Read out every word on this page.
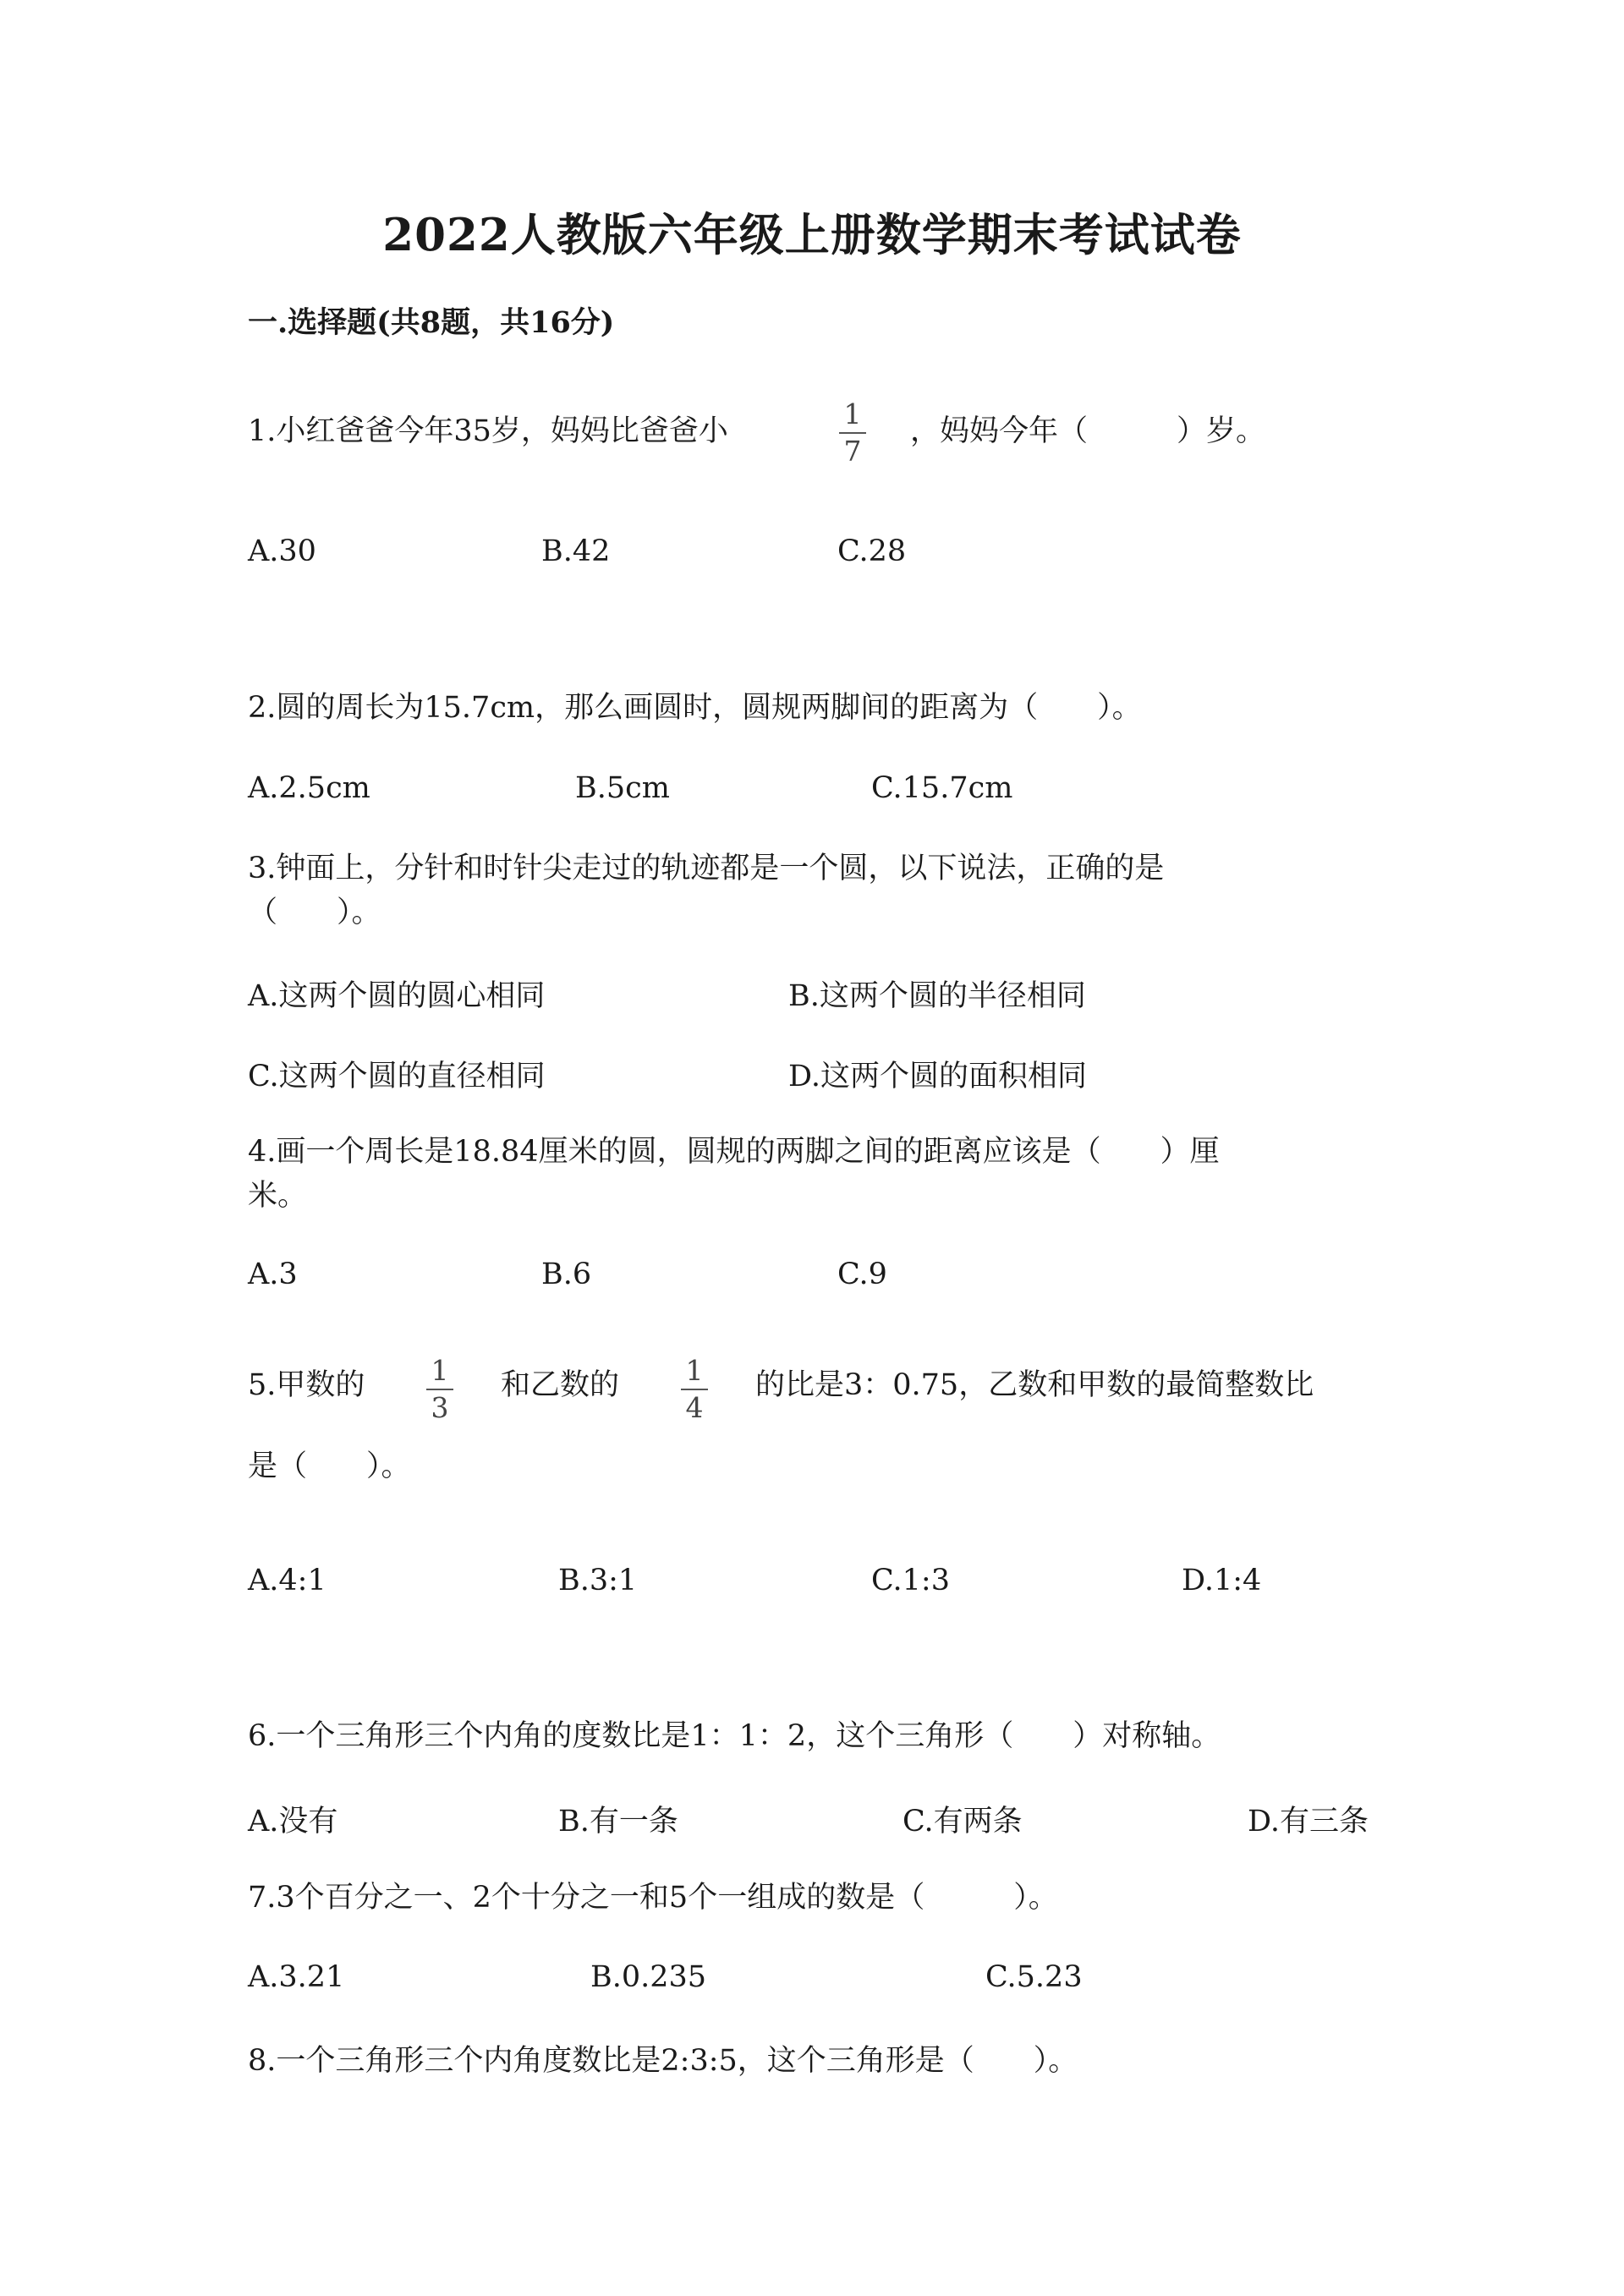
2022人教版六年级上册数学期末考试试卷
一.选择题(共8题，共16分)
1.小红爸爸今年35岁，妈妈比爸爸小
1
7
，妈妈今年（　　　）岁。
A.30	B.42	C.28
2.圆的周长为15.7cm，那么画圆时，圆规两脚间的距离为（　　）。
A.2.5cm	B.5cm	C.15.7cm
3.钟面上，分针和时针尖走过的轨迹都是一个圆，以下说法，正确的是
（　　）。
A.这两个圆的圆心相同	B.这两个圆的半径相同
C.这两个圆的直径相同	D.这两个圆的面积相同
4.画一个周长是18.84厘米的圆，圆规的两脚之间的距离应该是（　　）厘
米。
A.3	B.6	C.9
5.甲数的 1
3
和乙数的 1
4
的比是3：0.75，乙数和甲数的最简整数比
是（　　）。
A.4:1	B.3:1	C.1:3	D.1:4
6.一个三角形三个内角的度数比是1：1：2，这个三角形（　　）对称轴。
A.没有	B.有一条	C.有两条	D.有三条
7.3个百分之一、2个十分之一和5个一组成的数是（　　　）。
A.3.21	B.0.235	C.5.23
8.一个三角形三个内角度数比是2:3:5，这个三角形是（　　）。
